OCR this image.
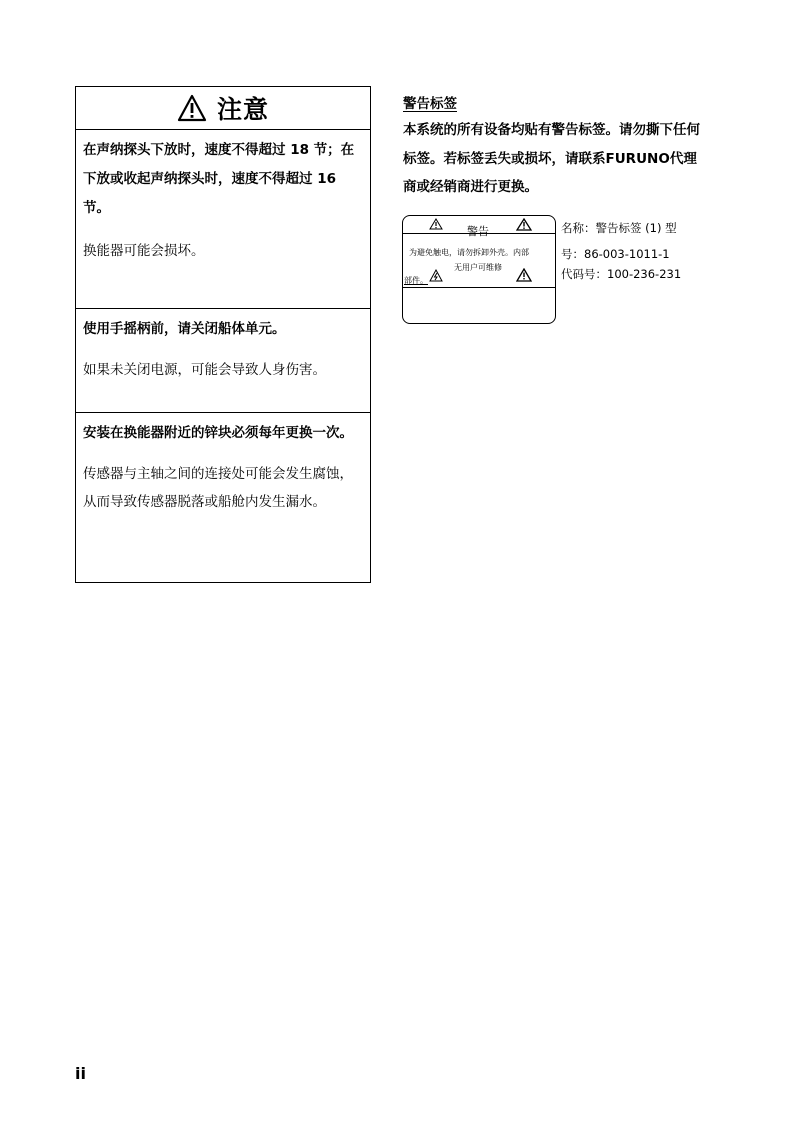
注意

在声纳探头下放时，速度不得超过 18 节；在下放或收起声纳探头时，速度不得超过 16 节。

换能器可能会损坏。

使用手摇柄前，请关闭船体单元。

如果未关闭电源，可能会导致人身伤害。

安装在换能器附近的锌块必须每年更换一次。

传感器与主轴之间的连接处可能会发生腐蚀，从而导致传感器脱落或船舱内发生漏水。

警告标签

本系统的所有设备均贴有警告标签。请勿撕下任何标签。若标签丢失或损坏，请联系FURUNO代理商或经销商进行更换。

警告
为避免触电，请勿拆卸外壳。内部
无用户可维修
部件。
名称：警告标签 (1) 型
号：86-003-1011-1
代码号：100-236-231
ii
